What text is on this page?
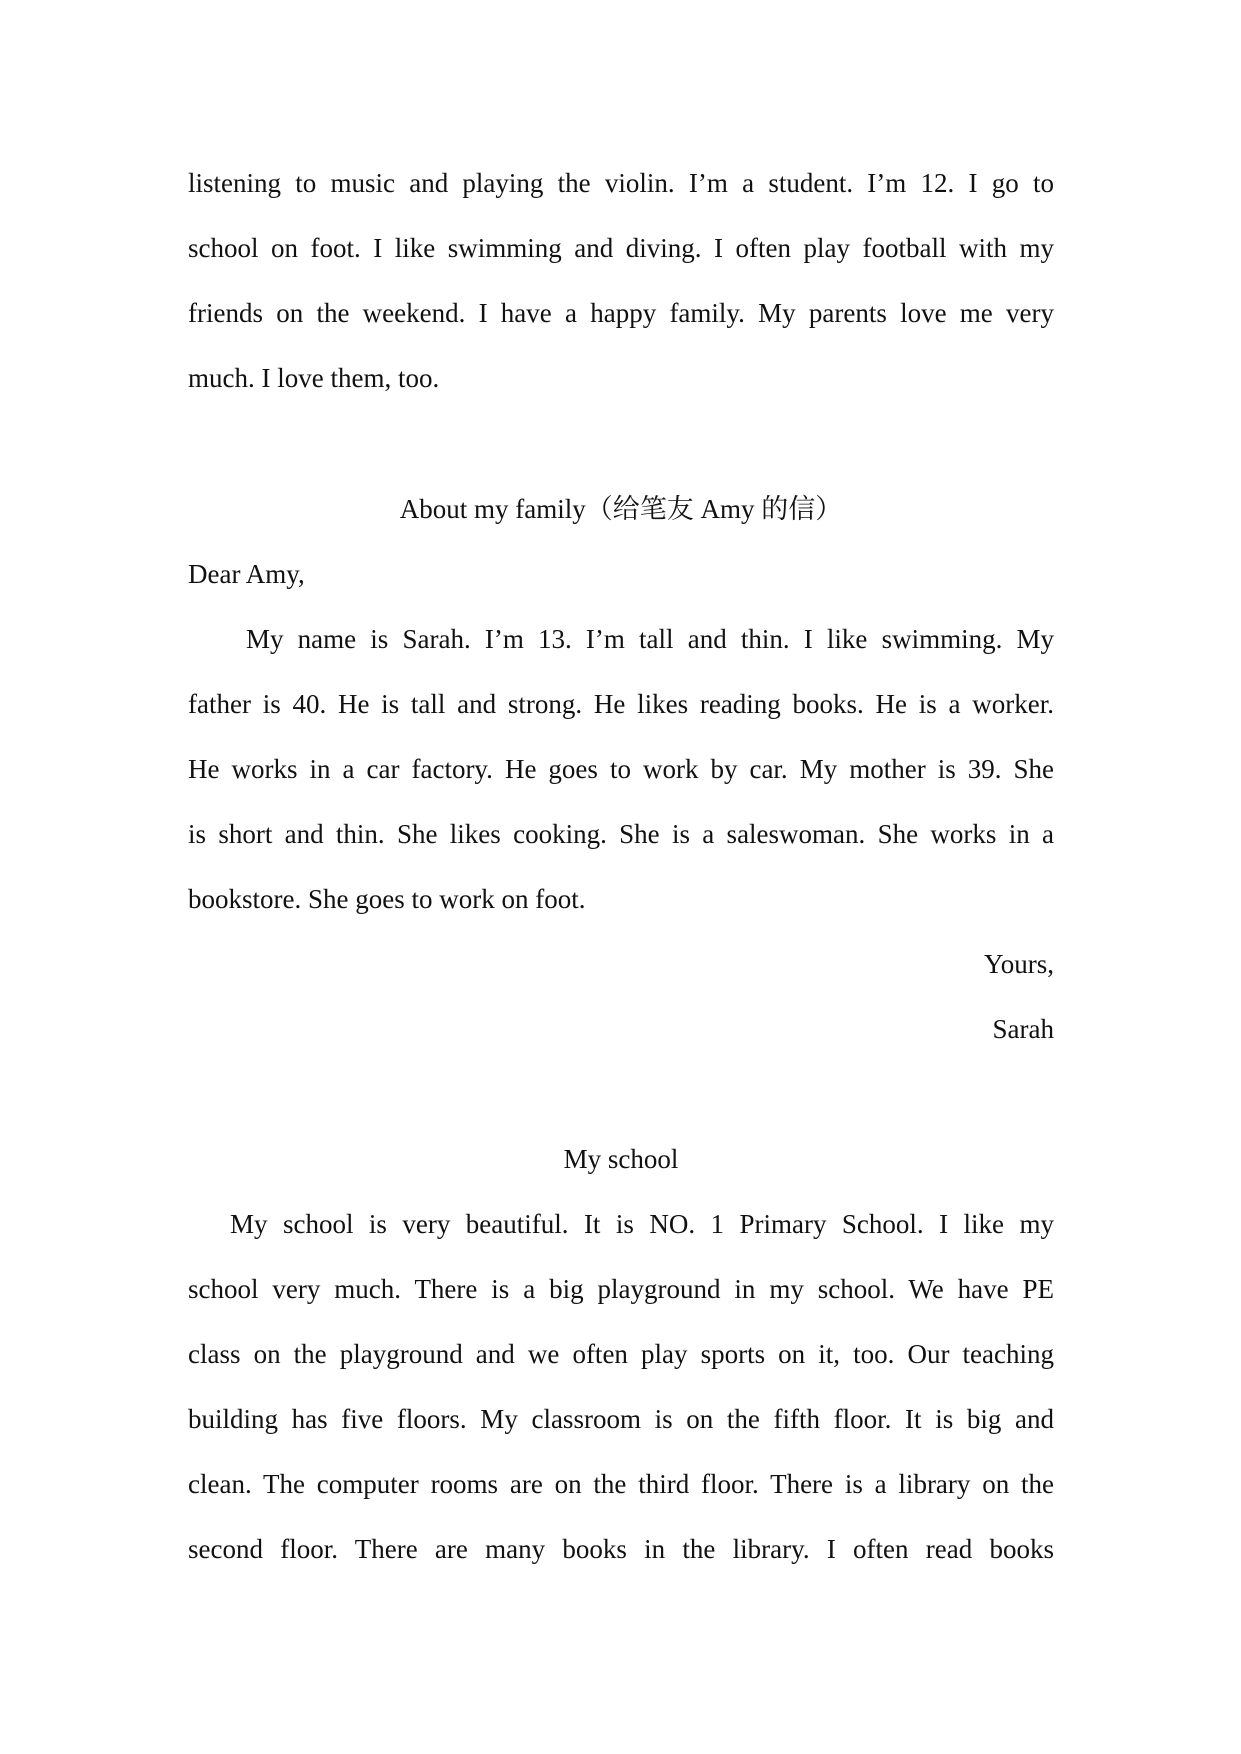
listening to music and playing the violin. I’m a student. I’m 12. I go to
school on foot. I like swimming and diving. I often play football with my
friends on the weekend. I have a happy family. My parents love me very
much. I love them, too.
About my family（给笔友 Amy 的信）
Dear Amy,
My name is Sarah. I’m 13. I’m tall and thin. I like swimming. My
father is 40. He is tall and strong. He likes reading books. He is a worker.
He works in a car factory. He goes to work by car. My mother is 39. She
is short and thin. She likes cooking. She is a saleswoman. She works in a
bookstore. She goes to work on foot.
Yours,
Sarah
My school
My school is very beautiful. It is NO. 1 Primary School. I like my
school very much. There is a big playground in my school. We have PE
class on the playground and we often play sports on it, too. Our teaching
building has five floors. My classroom is on the fifth floor. It is big and
clean. The computer rooms are on the third floor. There is a library on the
second floor. There are many books in the library. I often read books
